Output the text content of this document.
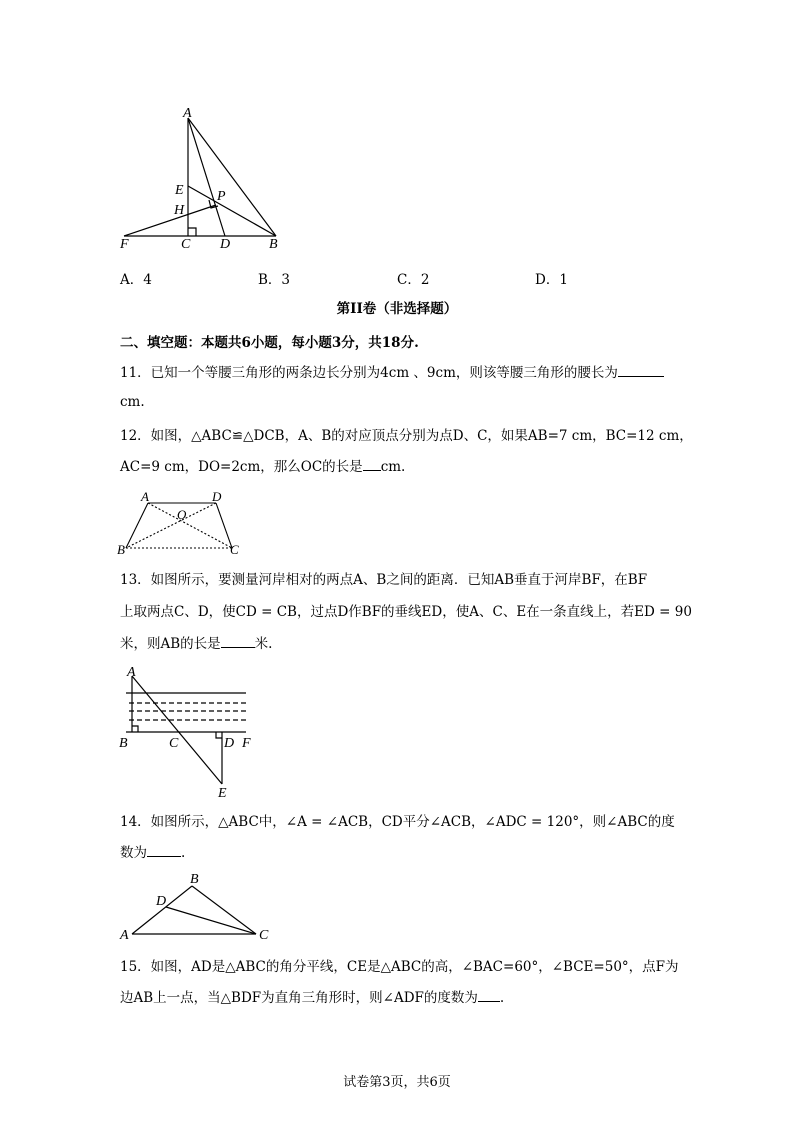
A
E P
H
F	C D	B
A．4	B．3	C．2	D．1
第II卷（非选择题）
二、填空题：本题共6小题，每小题3分，共18分.
11．已知一个等腰三角形的两条边长分别为4cm 、9cm，则该等腰三角形的腰长为
cm.
12．如图，△ABC≌△DCB，A、B的对应顶点分别为点D、C，如果AB=7 cm，BC=12 cm，
AC=9 cm，DO=2cm，那么OC的长是 cm.
A	D
O
B	C
13．如图所示，要测量河岸相对的两点A、B之间的距离．已知AB垂直于河岸BF，在BF
上取两点C、D，使CD = CB，过点D作BF的垂线ED，使A、C、E在一条直线上，若ED = 90
米，则AB的长是	米.
A
B	C	D F
E
14．如图所示，△ABC中，∠A = ∠ACB，CD平分∠ACB，∠ADC = 120°，则∠ABC的度
数为	.
B
D
A	C
15．如图，AD是△ABC的角分平线，CE是△ABC的高，∠BAC=60°，∠BCE=50°，点F为
边AB上一点，当△BDF为直角三角形时，则∠ADF的度数为 .
试卷第3页，共6页
